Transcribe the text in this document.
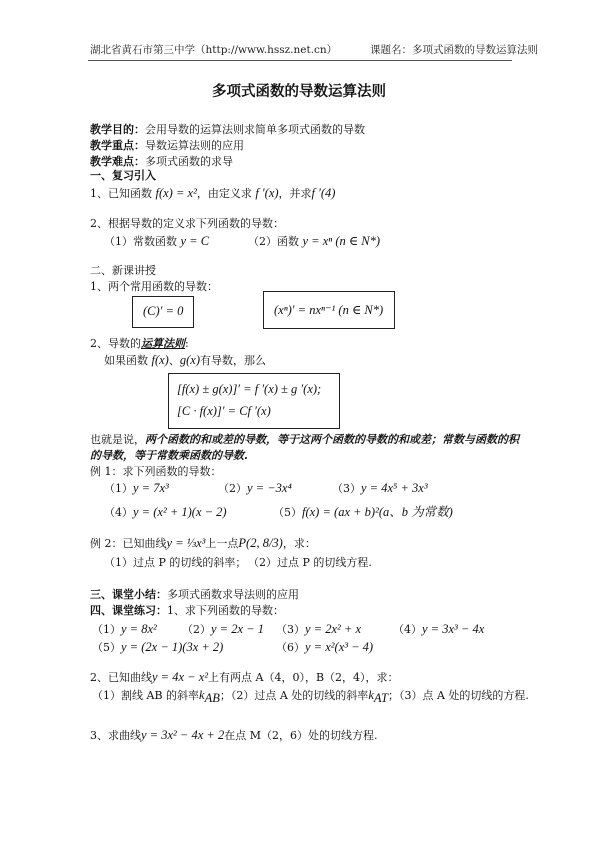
湖北省黄石市第三中学（http://www.hssz.net.cn）	课题名：多项式函数的导数运算法则
多项式函数的导数运算法则
教学目的：会用导数的运算法则求简单多项式函数的导数
教学重点：导数运算法则的应用
教学难点：多项式函数的求导
一、复习引入
1、已知函数 f(x) = x²，由定义求 f ′(x)，并求f ′(4)
2、根据导数的定义求下列函数的导数：
（1）常数函数 y = C	（2）函数 y = xⁿ (n ∈ N*)
二、新课讲授
1、两个常用函数的导数：
(C)′ = 0	(xⁿ)′ = nxⁿ⁻¹ (n ∈ N*)
2、导数的运算法则:
如果函数 f(x)、g(x)有导数，那么
[f(x) ± g(x)]′ = f ′(x) ± g ′(x);
[C · f(x)]′ = Cf ′(x)
也就是说，两个函数的和或差的导数，等于这两个函数的导数的和或差；常数与函数的积
的导数，等于常数乘函数的导数.
例 1：求下列函数的导数：
（1）y = 7x³	（2）y = −3x⁴	（3）y = 4x⁵ + 3x³
（4）y = (x² + 1)(x − 2)	（5）f(x) = (ax + b)²(a、b 为常数)
例 2：已知曲线y = ⅓x³上一点P(2, 8/3)，求：
（1）过点 P 的切线的斜率； （2）过点 P 的切线方程.
三、课堂小结：多项式函数求导法则的应用
四、课堂练习：1、求下列函数的导数：
（1）y = 8x² （2）y = 2x − 1 （3）y = 2x² + x	（4）y = 3x³ − 4x
（5）y = (2x − 1)(3x + 2)	（6）y = x²(x³ − 4)
2、已知曲线y = 4x − x²上有两点 A（4，0），B（2，4），求：
（1）割线 AB 的斜率$k_{AB}$；（2）过点 A 处的切线的斜率$k_{AT}$；（3）点 A 处的切线的方程.
3、求曲线y = 3x² − 4x + 2在点 M（2，6）处的切线方程.
